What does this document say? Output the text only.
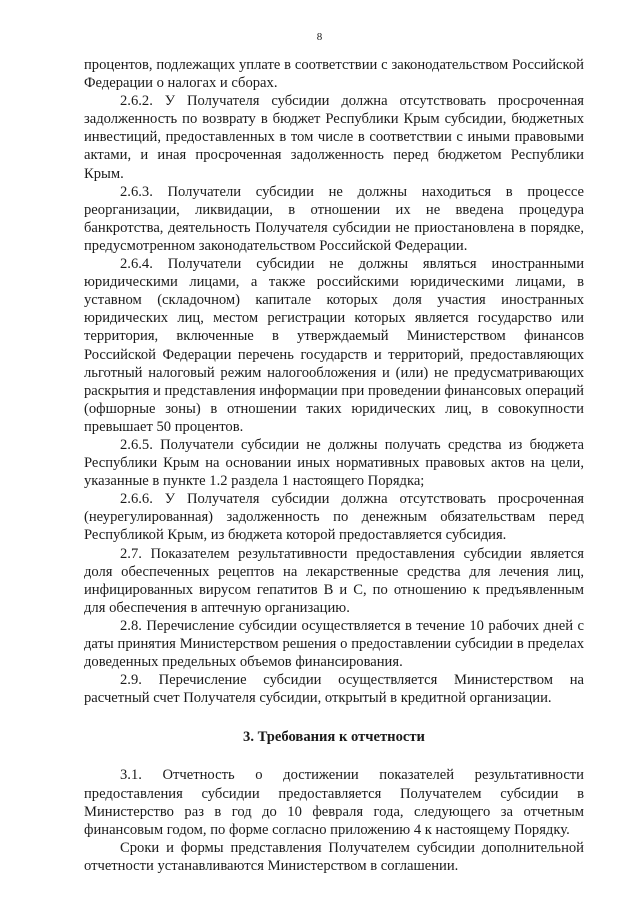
8

процентов, подлежащих уплате в соответствии с законодательством Российской Федерации о налогах и сборах.

2.6.2. У Получателя субсидии должна отсутствовать просроченная задолженность по возврату в бюджет Республики Крым субсидии, бюджетных инвестиций, предоставленных в том числе в соответствии с иными правовыми актами, и иная просроченная задолженность перед бюджетом Республики Крым.

2.6.3. Получатели субсидии не должны находиться в процессе реорганизации, ликвидации, в отношении их не введена процедура банкротства, деятельность Получателя субсидии не приостановлена в порядке, предусмотренном законодательством Российской Федерации.

2.6.4. Получатели субсидии не должны являться иностранными юридическими лицами, а также российскими юридическими лицами, в уставном (складочном) капитале которых доля участия иностранных юридических лиц, местом регистрации которых является государство или территория, включенные в утверждаемый Министерством финансов Российской Федерации перечень государств и территорий, предоставляющих льготный налоговый режим налогообложения и (или) не предусматривающих раскрытия и представления информации при проведении финансовых операций (офшорные зоны) в отношении таких юридических лиц, в совокупности превышает 50 процентов.

2.6.5. Получатели субсидии не должны получать средства из бюджета Республики Крым на основании иных нормативных правовых актов на цели, указанные в пункте 1.2 раздела 1 настоящего Порядка;

2.6.6. У Получателя субсидии должна отсутствовать просроченная (неурегулированная) задолженность по денежным обязательствам перед Республикой Крым, из бюджета которой предоставляется субсидия.

2.7. Показателем результативности предоставления субсидии является доля обеспеченных рецептов на лекарственные средства для лечения лиц, инфицированных вирусом гепатитов В и С, по отношению к предъявленным для обеспечения в аптечную организацию.

2.8. Перечисление субсидии осуществляется в течение 10 рабочих дней с даты принятия Министерством решения о предоставлении субсидии в пределах доведенных предельных объемов финансирования.

2.9. Перечисление субсидии осуществляется Министерством на расчетный счет Получателя субсидии, открытый в кредитной организации.

3. Требования к отчетности

3.1. Отчетность о достижении показателей результативности предоставления субсидии предоставляется Получателем субсидии в Министерство раз в год до 10 февраля года, следующего за отчетным финансовым годом, по форме согласно приложению 4 к настоящему Порядку.

Сроки и формы представления Получателем субсидии дополнительной отчетности устанавливаются Министерством в соглашении.
